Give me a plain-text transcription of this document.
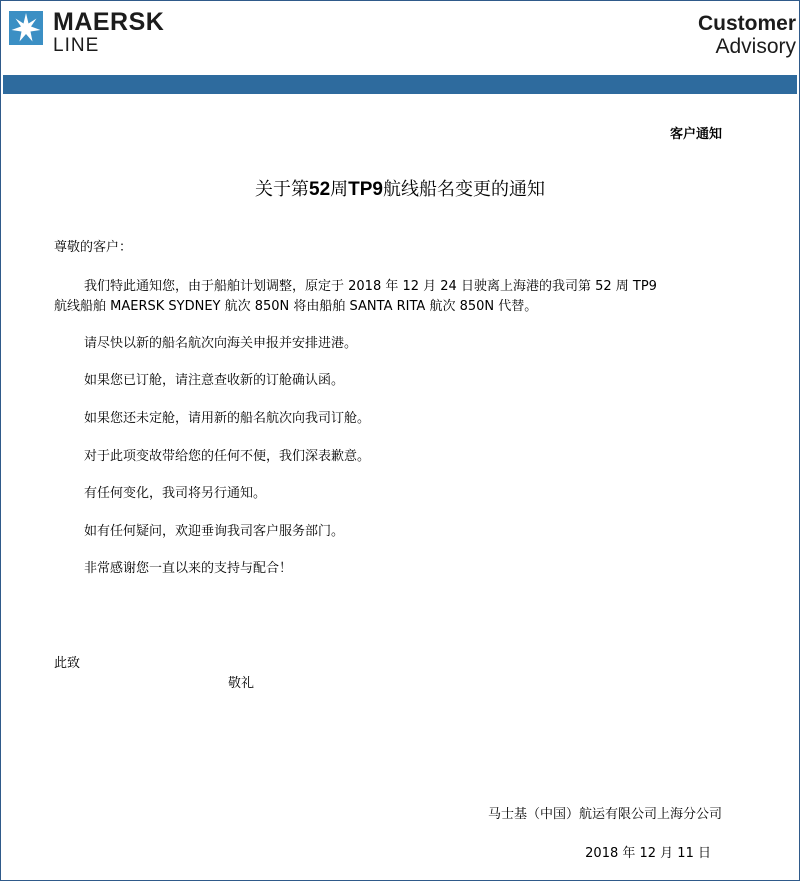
MAERSK
LINE
Customer
Advisory
客户通知
关于第52周TP9航线船名变更的通知
尊敬的客户：
我们特此通知您，由于船舶计划调整，原定于 2018 年 12 月 24 日驶离上海港的我司第 52 周 TP9
航线船舶 MAERSK SYDNEY 航次 850N 将由船舶 SANTA RITA 航次 850N 代替。
请尽快以新的船名航次向海关申报并安排进港。
如果您已订舱，请注意查收新的订舱确认函。
如果您还未定舱，请用新的船名航次向我司订舱。
对于此项变故带给您的任何不便，我们深表歉意。
有任何变化，我司将另行通知。
如有任何疑问，欢迎垂询我司客户服务部门。
非常感谢您一直以来的支持与配合！
此致
敬礼
马士基（中国）航运有限公司上海分公司
2018 年 12 月 11 日
